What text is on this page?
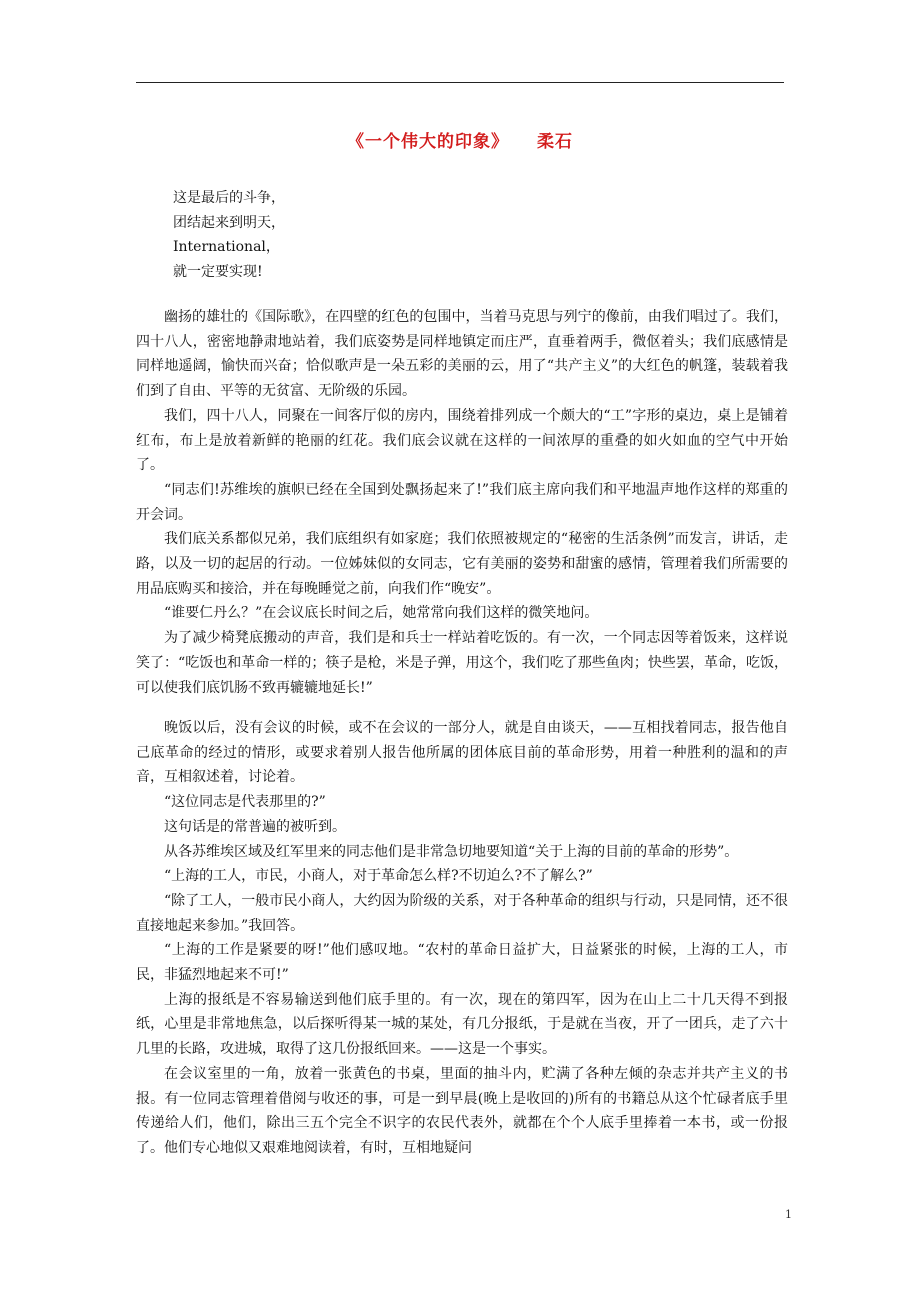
《一个伟大的印象》 柔石
这是最后的斗争，
团结起来到明天，
International，
就一定要实现!

幽扬的雄壮的《国际歌》，在四壁的红色的包围中，当着马克思与列宁的像前，由我们唱过了。我们，四十八人，密密地静肃地站着，我们底姿势是同样地镇定而庄严，直垂着两手，微伛着头；我们底感情是同样地遥阔，愉快而兴奋；恰似歌声是一朵五彩的美丽的云，用了“共产主义”的大红色的帆篷，装载着我们到了自由、平等的无贫富、无阶级的乐园。

我们，四十八人，同聚在一间客厅似的房内，围绕着排列成一个颇大的“工”字形的桌边，桌上是铺着红布，布上是放着新鲜的艳丽的红花。我们底会议就在这样的一间浓厚的重叠的如火如血的空气中开始了。

“同志们!苏维埃的旗帜已经在全国到处飘扬起来了!”我们底主席向我们和平地温声地作这样的郑重的开会词。

我们底关系都似兄弟，我们底组织有如家庭；我们依照被规定的“秘密的生活条例”而发言，讲话，走路，以及一切的起居的行动。一位姊妹似的女同志，它有美丽的姿势和甜蜜的感情，管理着我们所需要的用品底购买和接洽，并在每晚睡觉之前，向我们作“晚安”。

“谁要仁丹么？”在会议底长时间之后，她常常向我们这样的微笑地问。

为了减少椅凳底搬动的声音，我们是和兵士一样站着吃饭的。有一次，一个同志因等着饭来，这样说笑了：“吃饭也和革命一样的；筷子是枪，米是子弹，用这个，我们吃了那些鱼肉；快些罢，革命，吃饭，可以使我们底饥肠不致再辘辘地延长!”

晚饭以后，没有会议的时候，或不在会议的一部分人，就是自由谈天，——互相找着同志，报告他自己底革命的经过的情形，或要求着别人报告他所属的团体底目前的革命形势，用着一种胜利的温和的声音，互相叙述着，讨论着。

“这位同志是代表那里的?”

这句话是的常普遍的被听到。

从各苏维埃区域及红军里来的同志他们是非常急切地要知道“关于上海的目前的革命的形势”。

“上海的工人，市民，小商人，对于革命怎么样?不切迫么?不了解么?”

“除了工人，一般市民小商人，大约因为阶级的关系，对于各种革命的组织与行动，只是同情，还不很直接地起来参加。”我回答。

“上海的工作是紧要的呀!”他们感叹地。“农村的革命日益扩大，日益紧张的时候，上海的工人，市民，非猛烈地起来不可!”

上海的报纸是不容易输送到他们底手里的。有一次，现在的第四军，因为在山上二十几天得不到报纸，心里是非常地焦急，以后探听得某一城的某处，有几分报纸，于是就在当夜，开了一团兵，走了六十几里的长路，攻进城，取得了这几份报纸回来。——这是一个事实。

在会议室里的一角，放着一张黄色的书桌，里面的抽斗内，贮满了各种左倾的杂志并共产主义的书报。有一位同志管理着借阅与收还的事，可是一到早晨(晚上是收回的)所有的书籍总从这个忙碌者底手里传递给人们，他们，除出三五个完全不识字的农民代表外，就都在个个人底手里捧着一本书，或一份报了。他们专心地似又艰难地阅读着，有时，互相地疑问

1
